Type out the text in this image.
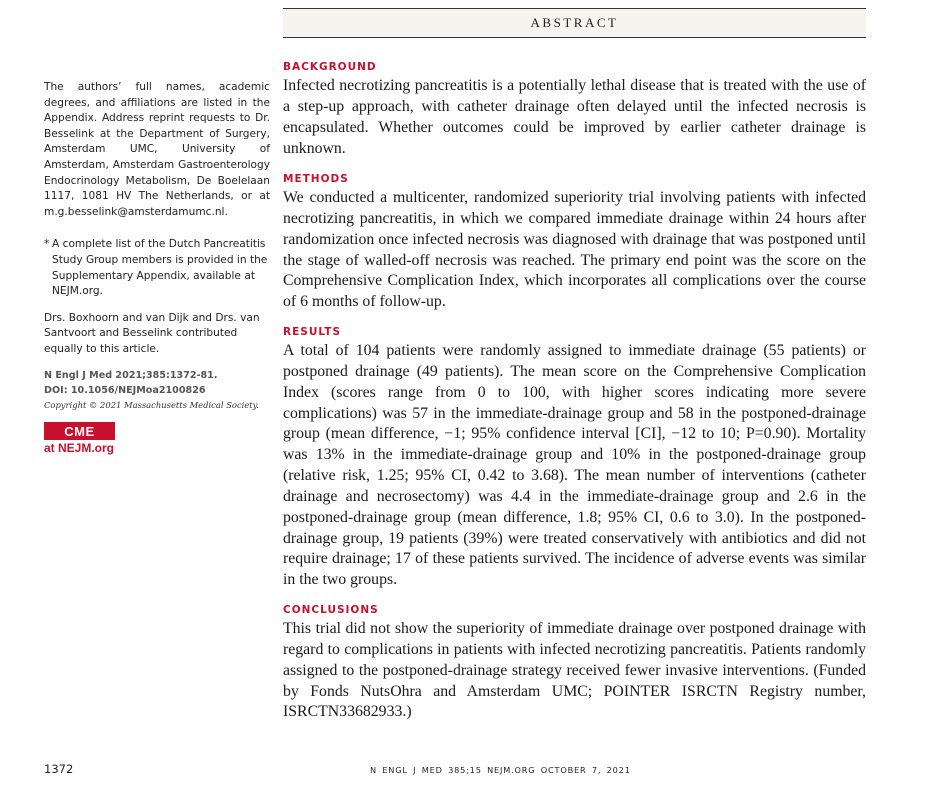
ABSTRACT

The authors’ full names, academic degrees, and affiliations are listed in the Appendix. Address reprint requests to Dr. Besselink at the Department of Surgery, Amsterdam UMC, University of Amsterdam, Amsterdam Gastroenterology Endocrinology Metabolism, De Boelelaan 1117, 1081 HV The Netherlands, or at m.g.besselink@amsterdamumc.nl.

* A complete list of the Dutch Pancreatitis Study Group members is provided in the Supplementary Appendix, available at NEJM.org.

Drs. Boxhoorn and van Dijk and Drs. van Santvoort and Besselink contributed equally to this article.

N Engl J Med 2021;385:1372-81.
DOI: 10.1056/NEJMoa2100826
Copyright © 2021 Massachusetts Medical Society.
CME
at NEJM.org
BACKGROUND

Infected necrotizing pancreatitis is a potentially lethal disease that is treated with the use of a step-up approach, with catheter drainage often delayed until the infected necrosis is encapsulated. Whether outcomes could be improved by earlier catheter drainage is unknown.

METHODS

We conducted a multicenter, randomized superiority trial involving patients with infected necrotizing pancreatitis, in which we compared immediate drainage within 24 hours after randomization once infected necrosis was diagnosed with drainage that was postponed until the stage of walled-off necrosis was reached. The primary end point was the score on the Comprehensive Complication Index, which incorporates all complications over the course of 6 months of follow-up.

RESULTS

A total of 104 patients were randomly assigned to immediate drainage (55 patients) or postponed drainage (49 patients). The mean score on the Comprehensive Complication Index (scores range from 0 to 100, with higher scores indicating more severe complications) was 57 in the immediate-drainage group and 58 in the postponed-drainage group (mean difference, −1; 95% confidence interval [CI], −12 to 10; P=0.90). Mortality was 13% in the immediate-drainage group and 10% in the postponed-drainage group (relative risk, 1.25; 95% CI, 0.42 to 3.68). The mean number of interventions (catheter drainage and necrosectomy) was 4.4 in the immediate-drainage group and 2.6 in the postponed-drainage group (mean difference, 1.8; 95% CI, 0.6 to 3.0). In the postponed-drainage group, 19 patients (39%) were treated conservatively with antibiotics and did not require drainage; 17 of these patients survived. The incidence of adverse events was similar in the two groups.

CONCLUSIONS

This trial did not show the superiority of immediate drainage over postponed drainage with regard to complications in patients with infected necrotizing pancreatitis. Patients randomly assigned to the postponed-drainage strategy received fewer invasive interventions. (Funded by Fonds NutsOhra and Amsterdam UMC; POINTER ISRCTN Registry number, ISRCTN33682933.)

1372	N ENGL J MED 385;15 NEJM.ORG OCTOBER 7, 2021
